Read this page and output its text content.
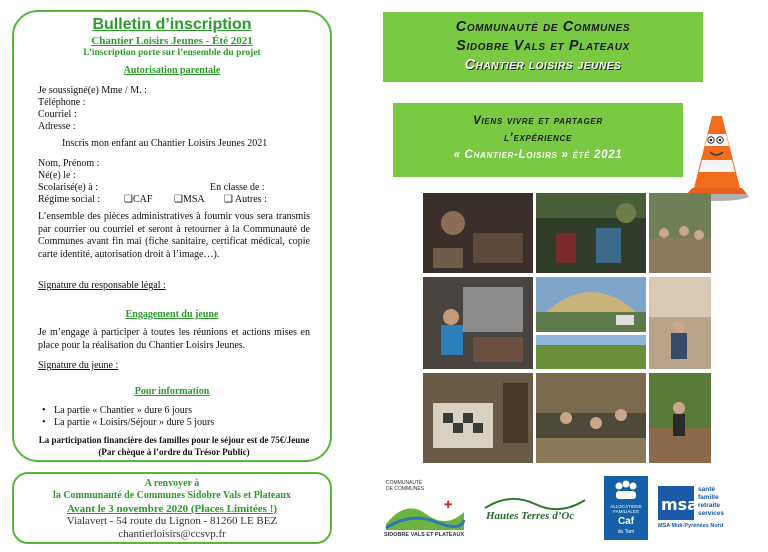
Bulletin d’inscription
Chantier Loisirs Jeunes - Été 2021
L’inscription porte sur l’ensemble du projet
Autorisation parentale
Je soussigné(e) Mme / M. :
Téléphone :
Courriel :
Adresse :
Inscris mon enfant au Chantier Loisirs Jeunes 2021
Nom, Prénom :
Né(e) le :
Scolarisé(e) à :	En classe de :
Régime social : ❑CAF ❑MSA ❑ Autres :
L’ensemble des pièces administratives à fournir vous sera transmis par courrier ou courriel et seront à retourner à la Communauté de Communes avant fin mai (fiche sanitaire, certificat médical, copie carte identité, autorisation droit à l’image…).
Signature du responsable légal :
Engagement du jeune
Je m’engage à participer à toutes les réunions et actions mises en place pour la réalisation du Chantier Loisirs Jeunes.
Signature du jeune :
Pour information
• La partie « Chantier » dure 6 jours
• La partie « Loisirs/Séjour » dure 5 jours
La participation financière des familles pour le séjour est de 75€/Jeune
(Par chèque à l’ordre du Trésor Public)
A renvoyer à
la Communauté de Communes Sidobre Vals et Plateaux
Avant le 3 novembre 2020 (Places Limitées !)
Vialavert - 54 route du Lignon - 81260 LE BEZ
chantierloisirs@ccsvp.fr
Communauté de Communes
Sidobre Vals et Plateaux
Chantier loisirs jeunes
Viens vivre et partager
l’expérience
« Chantier-Loisirs » été 2021
COMMUNAUTÉ
DE COMMUNES
✚
SIDOBRE VALS ET PLATEAUX
Hautes Terres d’Oc
ALLOCATIONS
FAMILIALES
Caf
du Tarn
msa
santé
famille
retraite
services
MSA Midi-Pyrénées Nord
